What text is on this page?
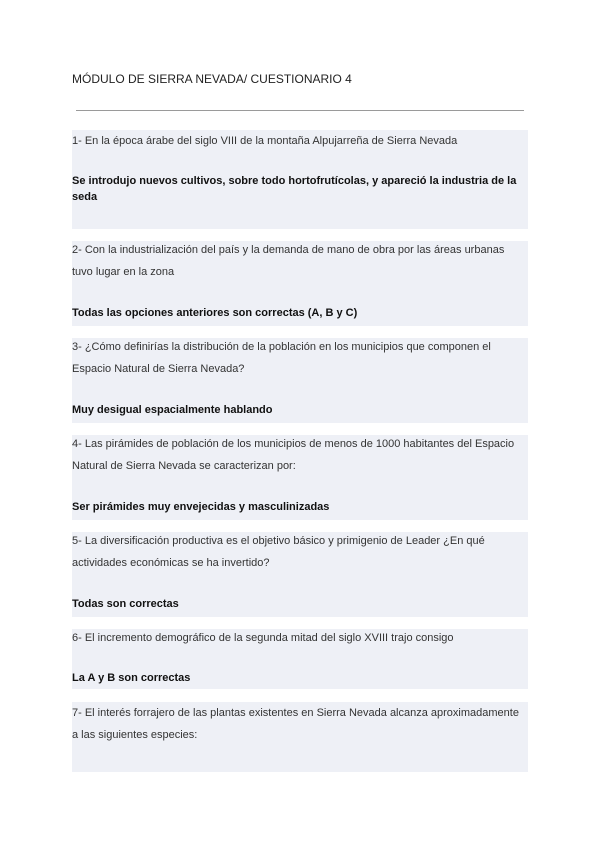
MÓDULO DE SIERRA NEVADA/ CUESTIONARIO 4

1- En la época árabe del siglo VIII de la montaña Alpujarreña de Sierra Nevada

Se introdujo nuevos cultivos, sobre todo hortofrutícolas, y apareció la industria de la seda

2- Con la industrialización del país y la demanda de mano de obra por las áreas urbanas tuvo lugar en la zona

Todas las opciones anteriores son correctas (A, B y C)

3- ¿Cómo definirías la distribución de la población en los municipios que componen el Espacio Natural de Sierra Nevada?

Muy desigual espacialmente hablando

4- Las pirámides de población de los municipios de menos de 1000 habitantes del Espacio Natural de Sierra Nevada se caracterizan por:

Ser pirámides muy envejecidas y masculinizadas

5- La diversificación productiva es el objetivo básico y primigenio de Leader ¿En qué actividades económicas se ha invertido?

Todas son correctas

6- El incremento demográfico de la segunda mitad del siglo XVIII trajo consigo

La A y B son correctas

7- El interés forrajero de las plantas existentes en Sierra Nevada alcanza aproximadamente a las siguientes especies:
